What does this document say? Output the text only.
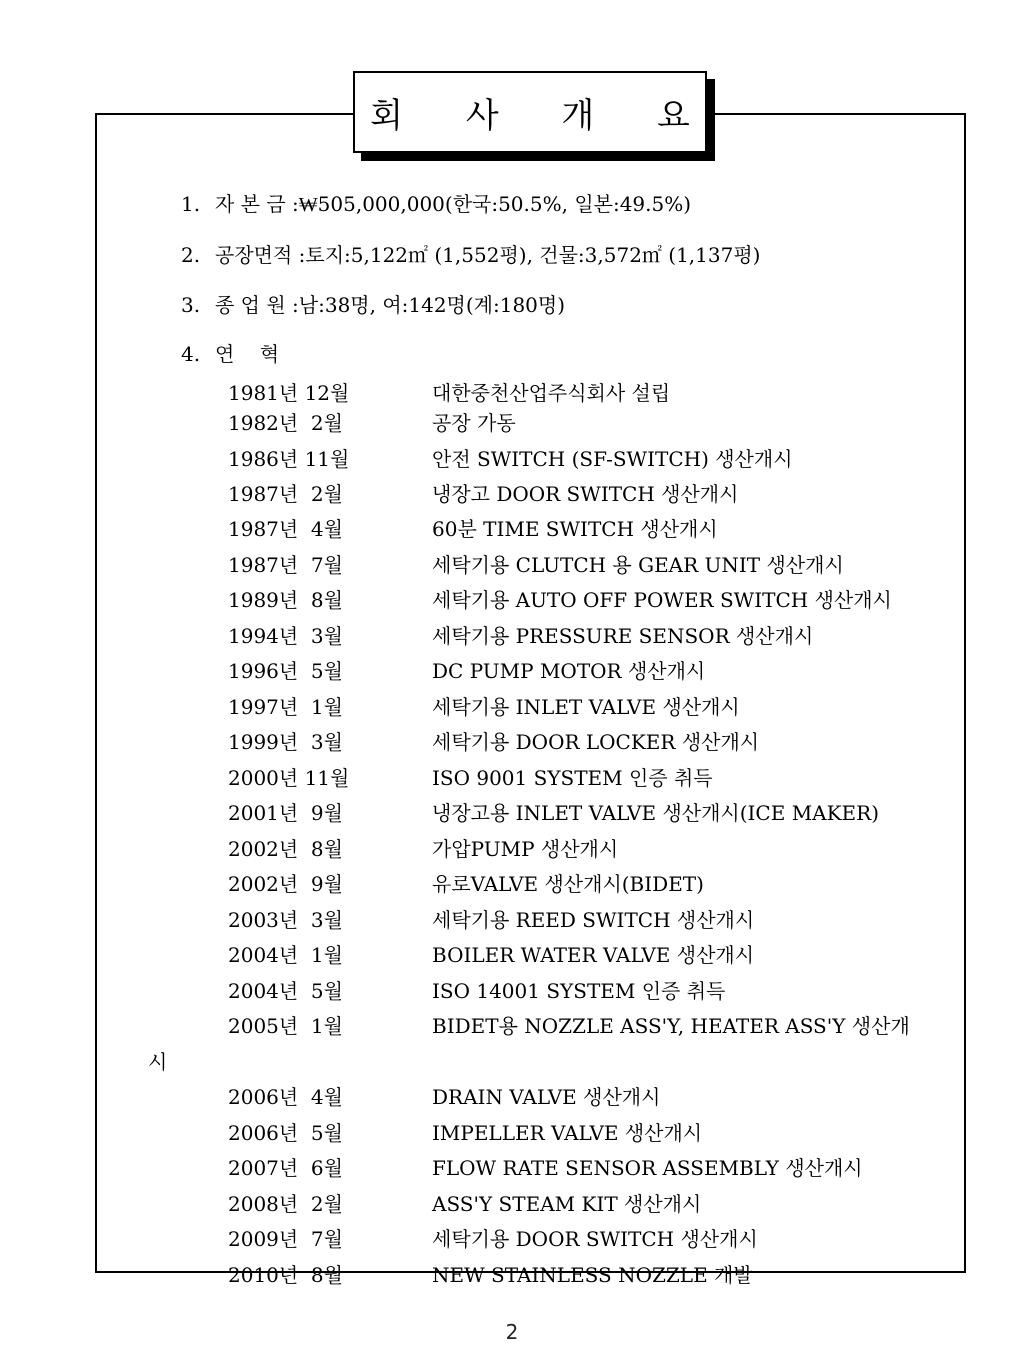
회 사 개 요
1. 자 본 금 :₩505,000,000(한국:50.5%, 일본:49.5%)
2. 공장면적 :토지:5,122㎡ (1,552평), 건물:3,572㎡ (1,137평)
3. 종 업 원 :남:38명, 여:142명(계:180명)
4. 연    혁
1981년 12월	대한중천산업주식회사 설립
1982년  2월	공장 가동
1986년 11월	안전 SWITCH (SF-SWITCH) 생산개시
1987년  2월	냉장고 DOOR SWITCH 생산개시
1987년  4월	60분 TIME SWITCH 생산개시
1987년  7월	세탁기용 CLUTCH 용 GEAR UNIT 생산개시
1989년  8월	세탁기용 AUTO OFF POWER SWITCH 생산개시
1994년  3월	세탁기용 PRESSURE SENSOR 생산개시
1996년  5월	DC PUMP MOTOR 생산개시
1997년  1월	세탁기용 INLET VALVE 생산개시
1999년  3월	세탁기용 DOOR LOCKER 생산개시
2000년 11월	ISO 9001 SYSTEM 인증 취득
2001년  9월	냉장고용 INLET VALVE 생산개시(ICE MAKER)
2002년  8월	가압PUMP 생산개시
2002년  9월	유로VALVE 생산개시(BIDET)
2003년  3월	세탁기용 REED SWITCH 생산개시
2004년  1월	BOILER WATER VALVE 생산개시
2004년  5월	ISO 14001 SYSTEM 인증 취득
2005년  1월	BIDET용 NOZZLE ASS'Y, HEATER ASS'Y 생산개
시
2006년  4월	DRAIN VALVE 생산개시
2006년  5월	IMPELLER VALVE 생산개시
2007년  6월	FLOW RATE SENSOR ASSEMBLY 생산개시
2008년  2월	ASS'Y STEAM KIT 생산개시
2009년  7월	세탁기용 DOOR SWITCH 생산개시
2010년  8월	NEW STAINLESS NOZZLE 개발
2
